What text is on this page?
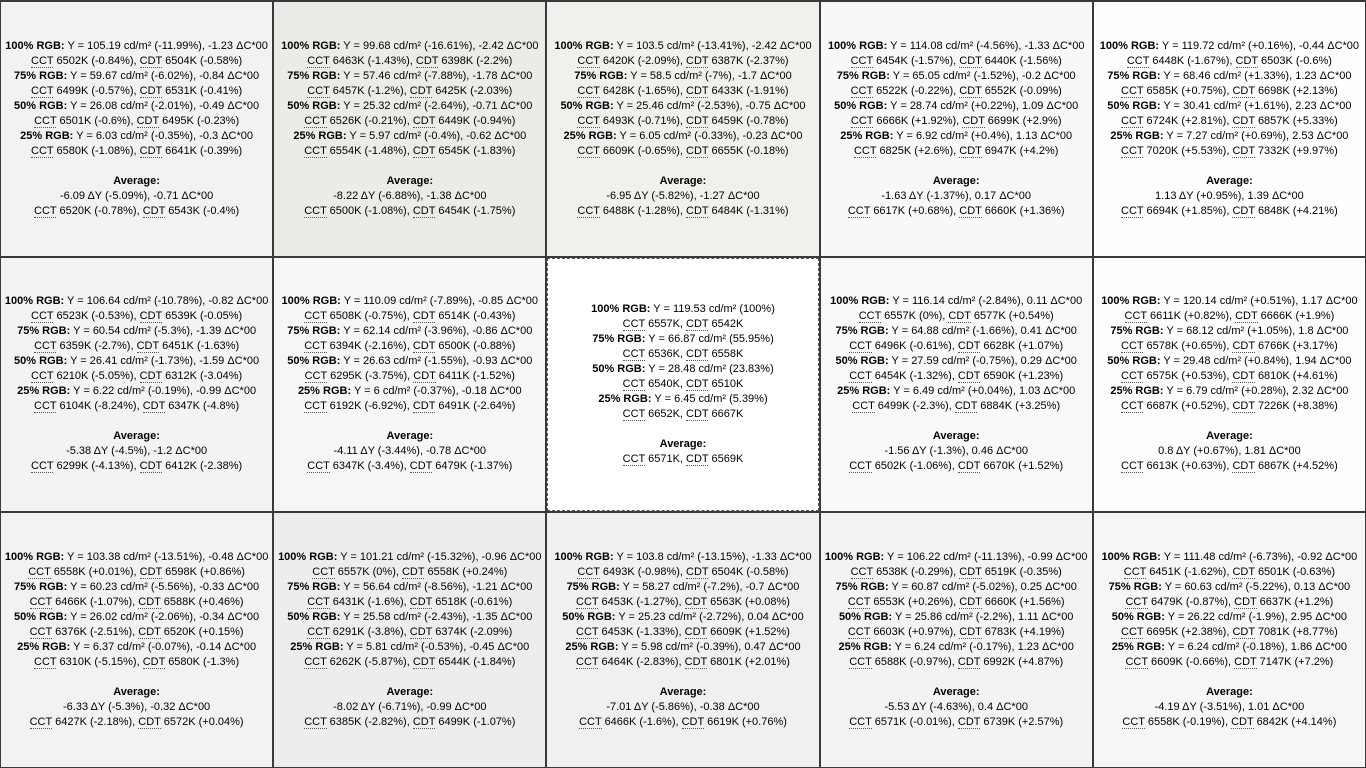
100% RGB: Y = 105.19 cd/m² (-11.99%), -1.23 ΔC*00
CCT 6502K (-0.84%), CDT 6504K (-0.58%)
75% RGB: Y = 59.67 cd/m² (-6.02%), -0.84 ΔC*00
CCT 6499K (-0.57%), CDT 6531K (-0.41%)
50% RGB: Y = 26.08 cd/m² (-2.01%), -0.49 ΔC*00
CCT 6501K (-0.6%), CDT 6495K (-0.23%)
25% RGB: Y = 6.03 cd/m² (-0.35%), -0.3 ΔC*00
CCT 6580K (-1.08%), CDT 6641K (-0.39%)
Average:
-6.09 ΔY (-5.09%), -0.71 ΔC*00
CCT 6520K (-0.78%), CDT 6543K (-0.4%)
100% RGB: Y = 99.68 cd/m² (-16.61%), -2.42 ΔC*00
CCT 6463K (-1.43%), CDT 6398K (-2.2%)
75% RGB: Y = 57.46 cd/m² (-7.88%), -1.78 ΔC*00
CCT 6457K (-1.2%), CDT 6425K (-2.03%)
50% RGB: Y = 25.32 cd/m² (-2.64%), -0.71 ΔC*00
CCT 6526K (-0.21%), CDT 6449K (-0.94%)
25% RGB: Y = 5.97 cd/m² (-0.4%), -0.62 ΔC*00
CCT 6554K (-1.48%), CDT 6545K (-1.83%)
Average:
-8.22 ΔY (-6.88%), -1.38 ΔC*00
CCT 6500K (-1.08%), CDT 6454K (-1.75%)
100% RGB: Y = 103.5 cd/m² (-13.41%), -2.42 ΔC*00
CCT 6420K (-2.09%), CDT 6387K (-2.37%)
75% RGB: Y = 58.5 cd/m² (-7%), -1.7 ΔC*00
CCT 6428K (-1.65%), CDT 6433K (-1.91%)
50% RGB: Y = 25.46 cd/m² (-2.53%), -0.75 ΔC*00
CCT 6493K (-0.71%), CDT 6459K (-0.78%)
25% RGB: Y = 6.05 cd/m² (-0.33%), -0.23 ΔC*00
CCT 6609K (-0.65%), CDT 6655K (-0.18%)
Average:
-6.95 ΔY (-5.82%), -1.27 ΔC*00
CCT 6488K (-1.28%), CDT 6484K (-1.31%)
100% RGB: Y = 114.08 cd/m² (-4.56%), -1.33 ΔC*00
CCT 6454K (-1.57%), CDT 6440K (-1.56%)
75% RGB: Y = 65.05 cd/m² (-1.52%), -0.2 ΔC*00
CCT 6522K (-0.22%), CDT 6552K (-0.09%)
50% RGB: Y = 28.74 cd/m² (+0.22%), 1.09 ΔC*00
CCT 6666K (+1.92%), CDT 6699K (+2.9%)
25% RGB: Y = 6.92 cd/m² (+0.4%), 1.13 ΔC*00
CCT 6825K (+2.6%), CDT 6947K (+4.2%)
Average:
-1.63 ΔY (-1.37%), 0.17 ΔC*00
CCT 6617K (+0.68%), CDT 6660K (+1.36%)
100% RGB: Y = 119.72 cd/m² (+0.16%), -0.44 ΔC*00
CCT 6448K (-1.67%), CDT 6503K (-0.6%)
75% RGB: Y = 68.46 cd/m² (+1.33%), 1.23 ΔC*00
CCT 6585K (+0.75%), CDT 6698K (+2.13%)
50% RGB: Y = 30.41 cd/m² (+1.61%), 2.23 ΔC*00
CCT 6724K (+2.81%), CDT 6857K (+5.33%)
25% RGB: Y = 7.27 cd/m² (+0.69%), 2.53 ΔC*00
CCT 7020K (+5.53%), CDT 7332K (+9.97%)
Average:
1.13 ΔY (+0.95%), 1.39 ΔC*00
CCT 6694K (+1.85%), CDT 6848K (+4.21%)
100% RGB: Y = 106.64 cd/m² (-10.78%), -0.82 ΔC*00
CCT 6523K (-0.53%), CDT 6539K (-0.05%)
75% RGB: Y = 60.54 cd/m² (-5.3%), -1.39 ΔC*00
CCT 6359K (-2.7%), CDT 6451K (-1.63%)
50% RGB: Y = 26.41 cd/m² (-1.73%), -1.59 ΔC*00
CCT 6210K (-5.05%), CDT 6312K (-3.04%)
25% RGB: Y = 6.22 cd/m² (-0.19%), -0.99 ΔC*00
CCT 6104K (-8.24%), CDT 6347K (-4.8%)
Average:
-5.38 ΔY (-4.5%), -1.2 ΔC*00
CCT 6299K (-4.13%), CDT 6412K (-2.38%)
100% RGB: Y = 110.09 cd/m² (-7.89%), -0.85 ΔC*00
CCT 6508K (-0.75%), CDT 6514K (-0.43%)
75% RGB: Y = 62.14 cd/m² (-3.96%), -0.86 ΔC*00
CCT 6394K (-2.16%), CDT 6500K (-0.88%)
50% RGB: Y = 26.63 cd/m² (-1.55%), -0.93 ΔC*00
CCT 6295K (-3.75%), CDT 6411K (-1.52%)
25% RGB: Y = 6 cd/m² (-0.37%), -0.18 ΔC*00
CCT 6192K (-6.92%), CDT 6491K (-2.64%)
Average:
-4.11 ΔY (-3.44%), -0.78 ΔC*00
CCT 6347K (-3.4%), CDT 6479K (-1.37%)
100% RGB: Y = 119.53 cd/m² (100%)
CCT 6557K, CDT 6542K
75% RGB: Y = 66.87 cd/m² (55.95%)
CCT 6536K, CDT 6558K
50% RGB: Y = 28.48 cd/m² (23.83%)
CCT 6540K, CDT 6510K
25% RGB: Y = 6.45 cd/m² (5.39%)
CCT 6652K, CDT 6667K
Average:
CCT 6571K, CDT 6569K
100% RGB: Y = 116.14 cd/m² (-2.84%), 0.11 ΔC*00
CCT 6557K (0%), CDT 6577K (+0.54%)
75% RGB: Y = 64.88 cd/m² (-1.66%), 0.41 ΔC*00
CCT 6496K (-0.61%), CDT 6628K (+1.07%)
50% RGB: Y = 27.59 cd/m² (-0.75%), 0.29 ΔC*00
CCT 6454K (-1.32%), CDT 6590K (+1.23%)
25% RGB: Y = 6.49 cd/m² (+0.04%), 1.03 ΔC*00
CCT 6499K (-2.3%), CDT 6884K (+3.25%)
Average:
-1.56 ΔY (-1.3%), 0.46 ΔC*00
CCT 6502K (-1.06%), CDT 6670K (+1.52%)
100% RGB: Y = 120.14 cd/m² (+0.51%), 1.17 ΔC*00
CCT 6611K (+0.82%), CDT 6666K (+1.9%)
75% RGB: Y = 68.12 cd/m² (+1.05%), 1.8 ΔC*00
CCT 6578K (+0.65%), CDT 6766K (+3.17%)
50% RGB: Y = 29.48 cd/m² (+0.84%), 1.94 ΔC*00
CCT 6575K (+0.53%), CDT 6810K (+4.61%)
25% RGB: Y = 6.79 cd/m² (+0.28%), 2.32 ΔC*00
CCT 6687K (+0.52%), CDT 7226K (+8.38%)
Average:
0.8 ΔY (+0.67%), 1.81 ΔC*00
CCT 6613K (+0.63%), CDT 6867K (+4.52%)
100% RGB: Y = 103.38 cd/m² (-13.51%), -0.48 ΔC*00
CCT 6558K (+0.01%), CDT 6598K (+0.86%)
75% RGB: Y = 60.23 cd/m² (-5.56%), -0.33 ΔC*00
CCT 6466K (-1.07%), CDT 6588K (+0.46%)
50% RGB: Y = 26.02 cd/m² (-2.06%), -0.34 ΔC*00
CCT 6376K (-2.51%), CDT 6520K (+0.15%)
25% RGB: Y = 6.37 cd/m² (-0.07%), -0.14 ΔC*00
CCT 6310K (-5.15%), CDT 6580K (-1.3%)
Average:
-6.33 ΔY (-5.3%), -0.32 ΔC*00
CCT 6427K (-2.18%), CDT 6572K (+0.04%)
100% RGB: Y = 101.21 cd/m² (-15.32%), -0.96 ΔC*00
CCT 6557K (0%), CDT 6558K (+0.24%)
75% RGB: Y = 56.64 cd/m² (-8.56%), -1.21 ΔC*00
CCT 6431K (-1.6%), CDT 6518K (-0.61%)
50% RGB: Y = 25.58 cd/m² (-2.43%), -1.35 ΔC*00
CCT 6291K (-3.8%), CDT 6374K (-2.09%)
25% RGB: Y = 5.81 cd/m² (-0.53%), -0.45 ΔC*00
CCT 6262K (-5.87%), CDT 6544K (-1.84%)
Average:
-8.02 ΔY (-6.71%), -0.99 ΔC*00
CCT 6385K (-2.82%), CDT 6499K (-1.07%)
100% RGB: Y = 103.8 cd/m² (-13.15%), -1.33 ΔC*00
CCT 6493K (-0.98%), CDT 6504K (-0.58%)
75% RGB: Y = 58.27 cd/m² (-7.2%), -0.7 ΔC*00
CCT 6453K (-1.27%), CDT 6563K (+0.08%)
50% RGB: Y = 25.23 cd/m² (-2.72%), 0.04 ΔC*00
CCT 6453K (-1.33%), CDT 6609K (+1.52%)
25% RGB: Y = 5.98 cd/m² (-0.39%), 0.47 ΔC*00
CCT 6464K (-2.83%), CDT 6801K (+2.01%)
Average:
-7.01 ΔY (-5.86%), -0.38 ΔC*00
CCT 6466K (-1.6%), CDT 6619K (+0.76%)
100% RGB: Y = 106.22 cd/m² (-11.13%), -0.99 ΔC*00
CCT 6538K (-0.29%), CDT 6519K (-0.35%)
75% RGB: Y = 60.87 cd/m² (-5.02%), 0.25 ΔC*00
CCT 6553K (+0.26%), CDT 6660K (+1.56%)
50% RGB: Y = 25.86 cd/m² (-2.2%), 1.11 ΔC*00
CCT 6603K (+0.97%), CDT 6783K (+4.19%)
25% RGB: Y = 6.24 cd/m² (-0.17%), 1.23 ΔC*00
CCT 6588K (-0.97%), CDT 6992K (+4.87%)
Average:
-5.53 ΔY (-4.63%), 0.4 ΔC*00
CCT 6571K (-0.01%), CDT 6739K (+2.57%)
100% RGB: Y = 111.48 cd/m² (-6.73%), -0.92 ΔC*00
CCT 6451K (-1.62%), CDT 6501K (-0.63%)
75% RGB: Y = 60.63 cd/m² (-5.22%), 0.13 ΔC*00
CCT 6479K (-0.87%), CDT 6637K (+1.2%)
50% RGB: Y = 26.22 cd/m² (-1.9%), 2.95 ΔC*00
CCT 6695K (+2.38%), CDT 7081K (+8.77%)
25% RGB: Y = 6.24 cd/m² (-0.18%), 1.86 ΔC*00
CCT 6609K (-0.66%), CDT 7147K (+7.2%)
Average:
-4.19 ΔY (-3.51%), 1.01 ΔC*00
CCT 6558K (-0.19%), CDT 6842K (+4.14%)
